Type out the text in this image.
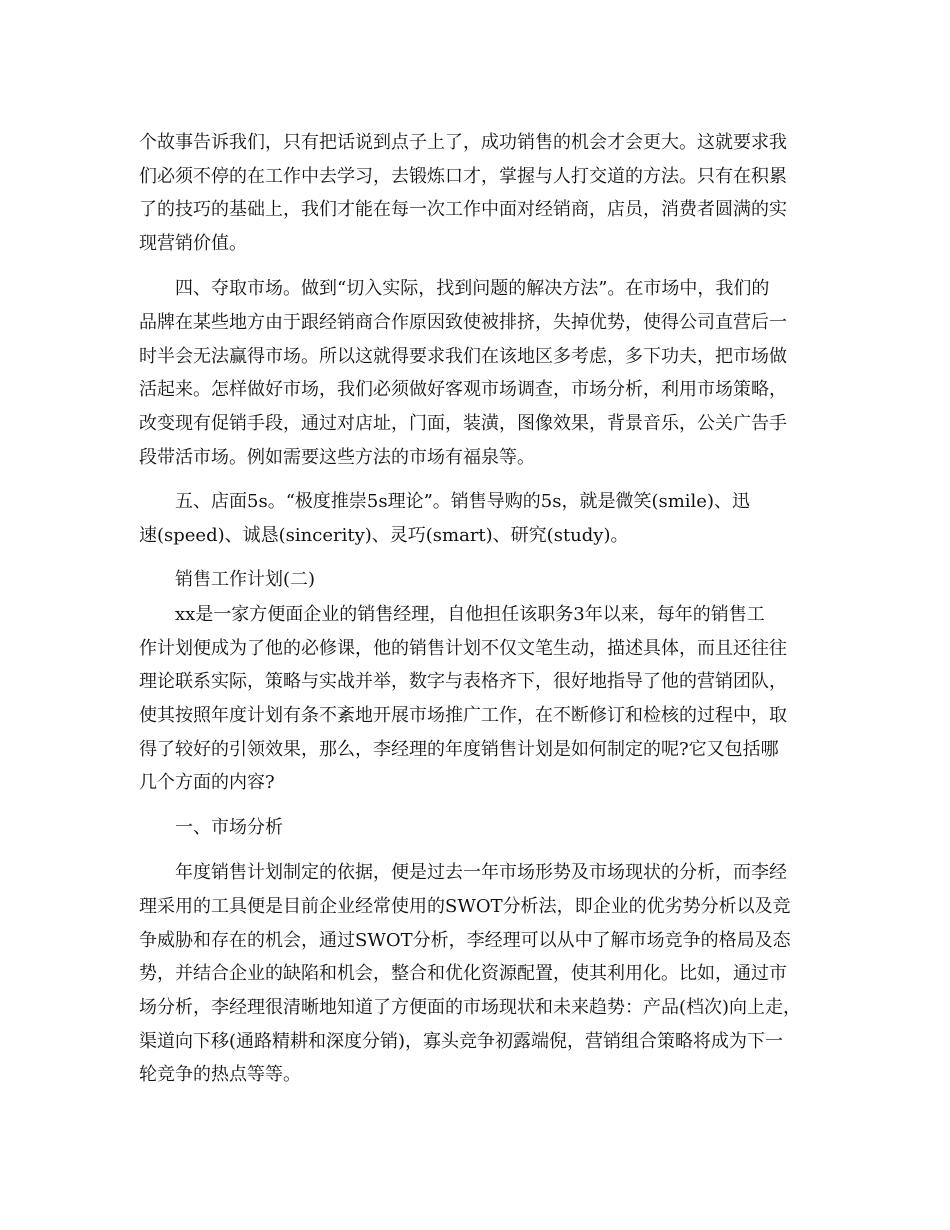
个故事告诉我们，只有把话说到点子上了，成功销售的机会才会更大。这就要求我
们必须不停的在工作中去学习，去锻炼口才，掌握与人打交道的方法。只有在积累
了的技巧的基础上，我们才能在每一次工作中面对经销商，店员，消费者圆满的实
现营销价值。
四、夺取市场。做到“切入实际，找到问题的解决方法”。在市场中，我们的
品牌在某些地方由于跟经销商合作原因致使被排挤，失掉优势，使得公司直营后一
时半会无法赢得市场。所以这就得要求我们在该地区多考虑，多下功夫，把市场做
活起来。怎样做好市场，我们必须做好客观市场调查，市场分析，利用市场策略，
改变现有促销手段，通过对店址，门面，装潢，图像效果，背景音乐，公关广告手
段带活市场。例如需要这些方法的市场有福泉等。
五、店面5s。“极度推崇5s理论”。销售导购的5s，就是微笑(smile)、迅
速(speed)、诚恳(sincerity)、灵巧(smart)、研究(study)。
销售工作计划(二)
xx是一家方便面企业的销售经理，自他担任该职务3年以来，每年的销售工
作计划便成为了他的必修课，他的销售计划不仅文笔生动，描述具体，而且还往往
理论联系实际，策略与实战并举，数字与表格齐下，很好地指导了他的营销团队，
使其按照年度计划有条不紊地开展市场推广工作，在不断修订和检核的过程中，取
得了较好的引领效果，那么，李经理的年度销售计划是如何制定的呢?它又包括哪
几个方面的内容?
一、市场分析
年度销售计划制定的依据，便是过去一年市场形势及市场现状的分析，而李经
理采用的工具便是目前企业经常使用的SWOT分析法，即企业的优劣势分析以及竞
争威胁和存在的机会，通过SWOT分析，李经理可以从中了解市场竞争的格局及态
势，并结合企业的缺陷和机会，整合和优化资源配置，使其利用化。比如，通过市
场分析，李经理很清晰地知道了方便面的市场现状和未来趋势：产品(档次)向上走，
渠道向下移(通路精耕和深度分销)，寡头竞争初露端倪，营销组合策略将成为下一
轮竞争的热点等等。
